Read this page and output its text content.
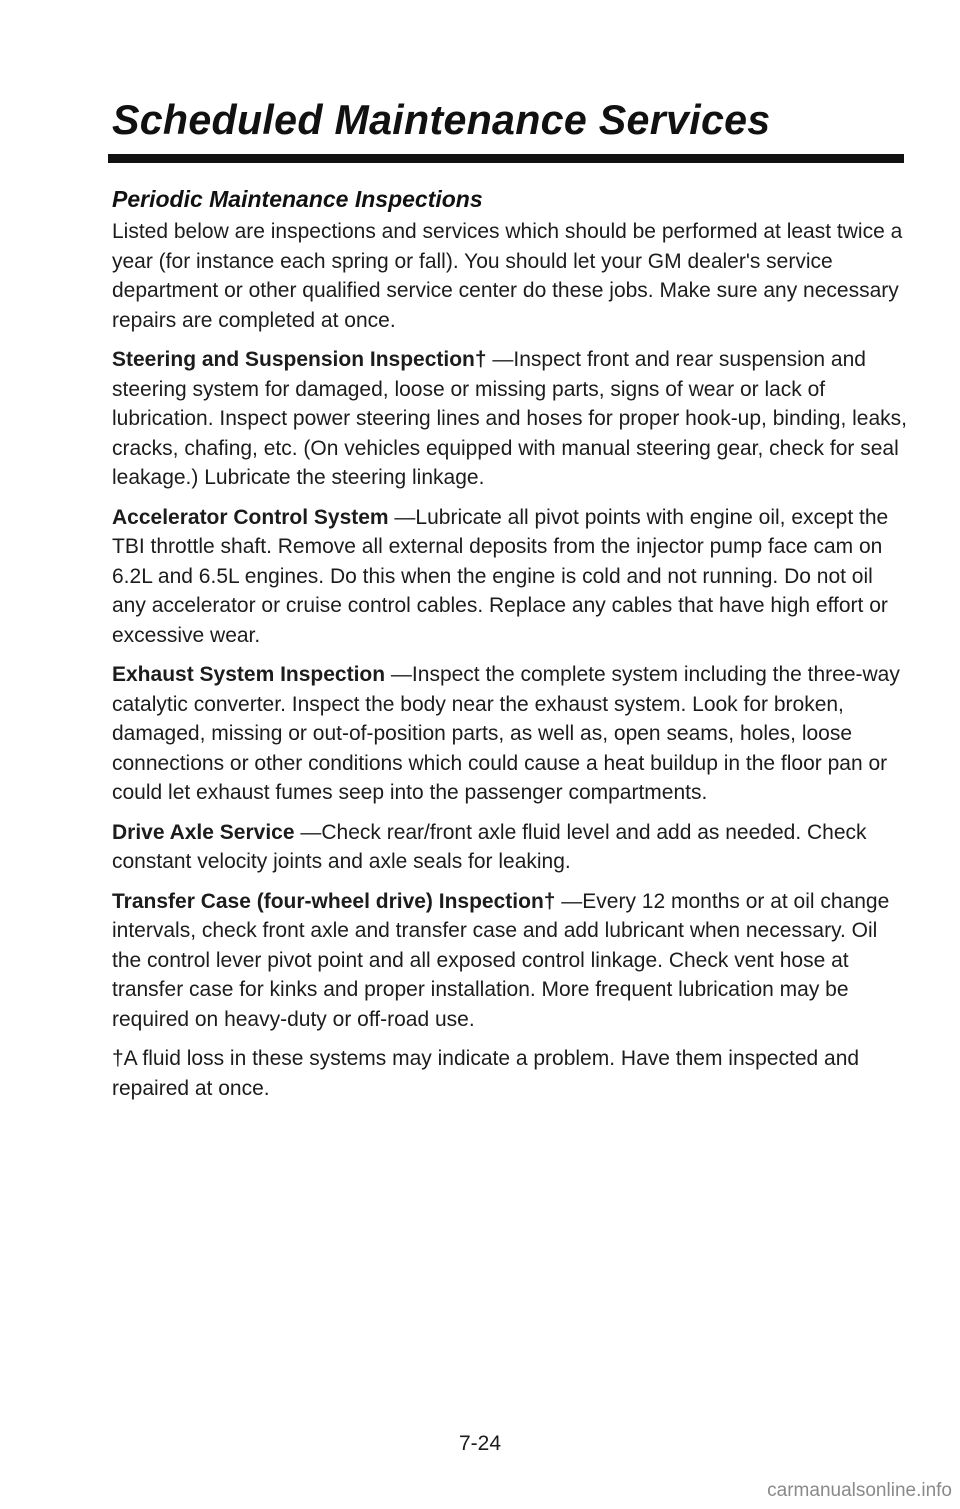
Scheduled Maintenance Services
Periodic Maintenance Inspections

Listed below are inspections and services which should be performed at least twice a year (for instance each spring or fall). You should let your GM dealer's service department or other qualified service center do these jobs. Make sure any necessary repairs are completed at once.

Steering and Suspension Inspection† —Inspect front and rear suspension and steering system for damaged, loose or missing parts, signs of wear or lack of lubrication. Inspect power steering lines and hoses for proper hook-up, binding, leaks, cracks, chafing, etc. (On vehicles equipped with manual steering gear, check for seal leakage.) Lubricate the steering linkage.

Accelerator Control System —Lubricate all pivot points with engine oil, except the TBI throttle shaft. Remove all external deposits from the injector pump face cam on 6.2L and 6.5L engines. Do this when the engine is cold and not running. Do not oil any accelerator or cruise control cables. Replace any cables that have high effort or excessive wear.

Exhaust System Inspection —Inspect the complete system including the three-way catalytic converter. Inspect the body near the exhaust system. Look for broken, damaged, missing or out-of-position parts, as well as, open seams, holes, loose connections or other conditions which could cause a heat buildup in the floor pan or could let exhaust fumes seep into the passenger compartments.

Drive Axle Service —Check rear/front axle fluid level and add as needed. Check constant velocity joints and axle seals for leaking.

Transfer Case (four-wheel drive) Inspection† —Every 12 months or at oil change intervals, check front axle and transfer case and add lubricant when necessary. Oil the control lever pivot point and all exposed control linkage. Check vent hose at transfer case for kinks and proper installation. More frequent lubrication may be required on heavy-duty or off-road use.

†A fluid loss in these systems may indicate a problem. Have them inspected and repaired at once.

7-24
carmanualsonline.info
